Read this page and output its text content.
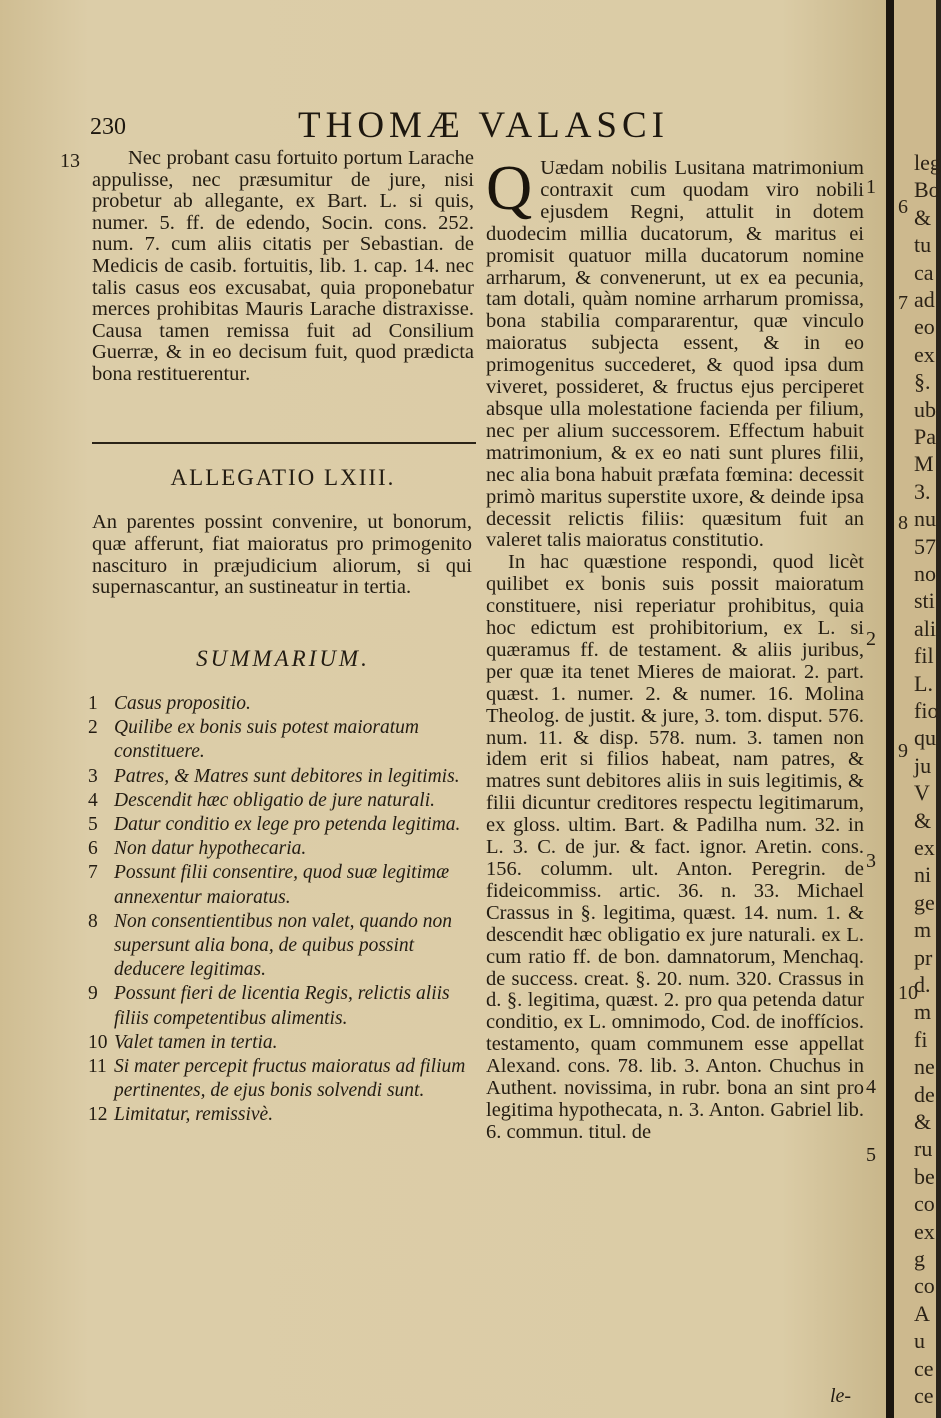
230	THOMÆ VALASCI
13	Nec probant casu fortuito portum Larache appulisse, nec præsumitur de jure, nisi probetur ab allegante, ex Bart. L. si quis, numer. 5. ff. de edendo, Socin. cons. 252. num. 7. cum aliis citatis per Sebastian. de Medicis de casib. fortuitis, lib. 1. cap. 14. nec talis casus eos excusabat, quia proponebatur merces prohibitas Mauris Larache distraxisse. Causa tamen remissa fuit ad Consilium Guerræ, & in eo decisum fuit, quod prædicta bona restituerentur.

ALLEGATIO LXIII.
An parentes possint convenire, ut bonorum, quæ afferunt, fiat maioratus pro primogenito nascituro in præjudicium aliorum, si qui supernascantur, an sustineatur in tertia.
SUMMARIUM.
1 Casus propositio.
2 Quilibe ex bonis suis potest maioratum constituere.
3 Patres, & Matres sunt debitores in legitimis.
4 Descendit hæc obligatio de jure naturali.
5 Datur conditio ex lege pro petenda legitima.
6 Non datur hypothecaria.
7 Possunt filii consentire, quod suæ legitimæ annexentur maioratus.
8 Non consentientibus non valet, quando non supersunt alia bona, de quibus possint deducere legitimas.
9 Possunt fieri de licentia Regis, relictis aliis filiis competentibus alimentis.
10 Valet tamen in tertia.
11 Si mater percepit fructus maioratus ad filium pertinentes, de ejus bonis solvendi sunt.
12 Limitatur, remissivè.

Q Uædam nobilis Lusitana matrimonium contraxit cum quodam viro nobili ejusdem Regni, attulit in dotem duodecim millia ducatorum, & maritus ei promisit quatuor milla ducatorum nomine arrharum, & convenerunt, ut ex ea pecunia, tam dotali, quàm nomine arrharum promissa, bona stabilia compararentur, quæ vinculo maioratus subjecta essent, & in eo primogenitus succederet, & quod ipsa dum viveret, possideret, & fructus ejus perciperet absque ulla molestatione facienda per filium, nec per alium successorem. Effectum habuit matrimonium, & ex eo nati sunt plures filii, nec alia bona habuit præfata fœmina: decessit primò maritus superstite uxore, & deinde ipsa decessit relictis filiis: quæsitum fuit an valeret talis maioratus constitutio.

In hac quæstione respondi, quod licèt quilibet ex bonis suis possit maioratum constituere, nisi reperiatur prohibitus, quia hoc edictum est prohibitorium, ex L. si quæramus ff. de testament. & aliis juribus, per quæ ita tenet Mieres de maiorat. 2. part. quæst. 1. numer. 2. & numer. 16. Molina Theolog. de justit. & jure, 3. tom. disput. 576. num. 11. & disp. 578. num. 3. tamen non idem erit si filios habeat, nam patres, & matres sunt debitores aliis in suis legitimis, & filii dicuntur creditores respectu legitimarum, ex gloss. ultim. Bart. & Padilha num. 32. in L. 3. C. de jur. & fact. ignor. Aretin. cons. 156. columm. ult. Anton. Peregrin. de fideicommiss. artic. 36. n. 33. Michael Crassus in §. legitima, quæst. 14. num. 1. & descendit hæc obligatio ex jure naturali. ex L. cum ratio ff. de bon. damnatorum, Menchaq. de success. creat. §. 20. num. 320. Crassus in d. §. legitima, quæst. 2. pro qua petenda datur conditio, ex L. omnimodo, Cod. de inoffícios. testamento, quam communem esse appellat Alexand. cons. 78. lib. 3. Anton. Chuchus in Authent. novissima, in rubr. bona an sint pro legitima hypothecata, n. 3. Anton. Gabriel lib. 6. commun. titul. de

1
2
3
4
5
le-
leg
Bo
&
tu
ca
ad
eo
ex
§.
ub
Pa
M
3.
nu
57
no
sti
ali
fil
L.
fio
qu
ju
V
&
ex
ni
ge
m
pr
d.
m
fi
ne
de
&
ru
be
co
ex
g
co
A
u
ce
ce
6
7
8
9
10
